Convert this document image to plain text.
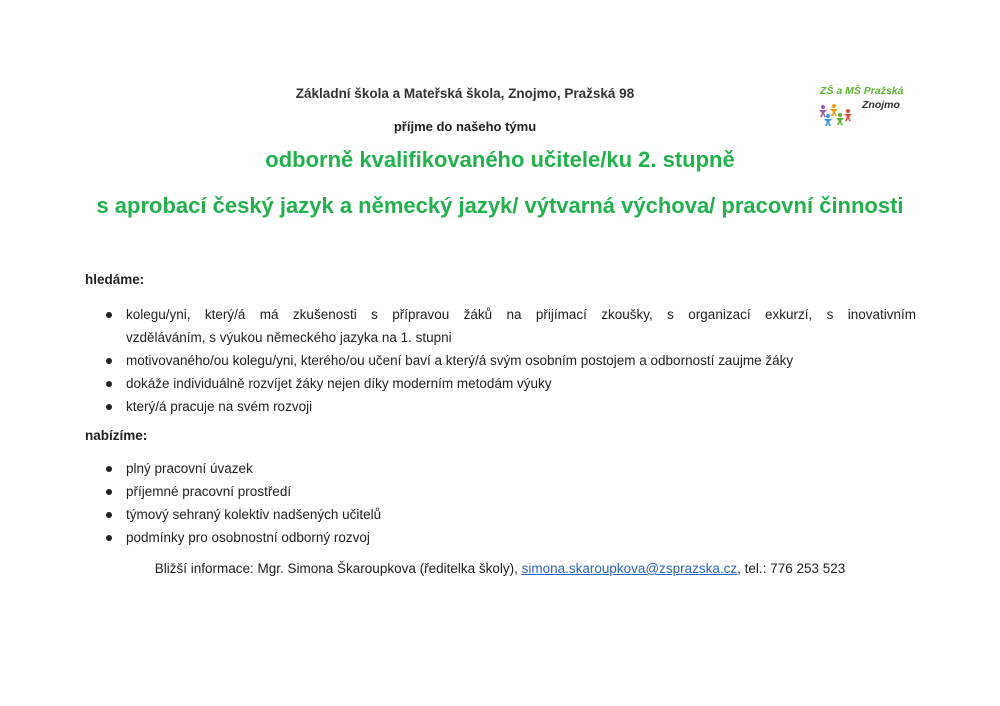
Základní škola a Mateřská škola, Znojmo, Pražská 98
příjme do našeho týmu
ZŠ a MŠ Pražská
Znojmo
odborně kvalifikovaného učitele/ku 2. stupně
s aprobací český jazyk a německý jazyk/ výtvarná výchova/ pracovní činnosti
hledáme:
kolegu/yni, který/á má zkušenosti s přípravou žáků na přijímací zkoušky, s organizací exkurzí, s inovativním
vzděláváním, s výukou německého jazyka na 1. stupni
motivovaného/ou kolegu/yni, kterého/ou učení baví a který/á svým osobním postojem a odborností zaujme žáky
dokáže individuálně rozvíjet žáky nejen díky moderním metodám výuky
který/á pracuje na svém rozvoji
nabízíme:
plný pracovní úvazek
příjemné pracovní prostředí
týmový sehraný kolektiv nadšených učitelů
podmínky pro osobnostní odborný rozvoj
Bližší informace: Mgr. Simona Škaroupkova (ředitelka školy), simona.skaroupkova@zsprazska.cz, tel.: 776 253 523
